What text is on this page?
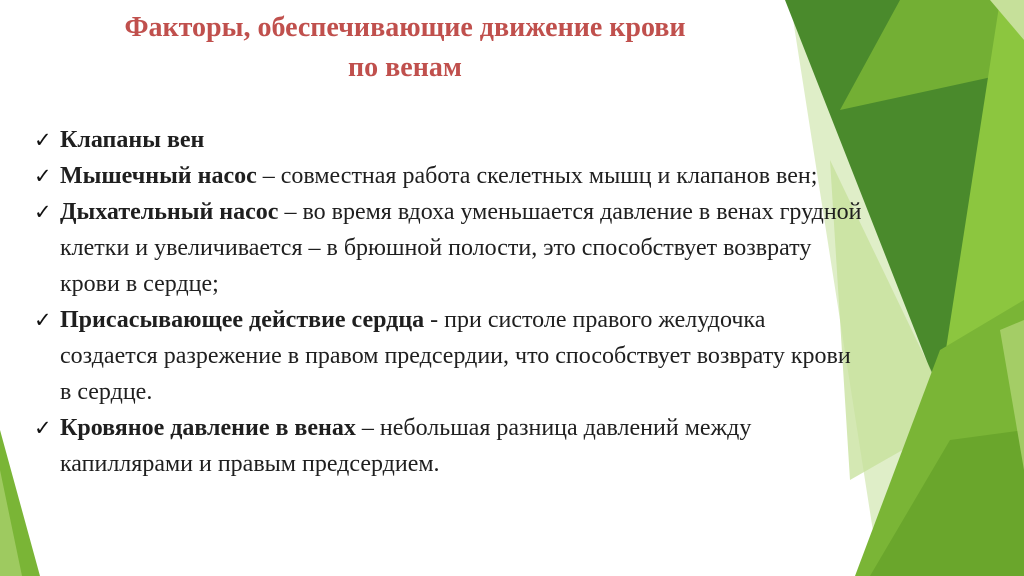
Факторы, обеспечивающие движение крови
по венам
✓ Клапаны вен
✓ Мышечный насос – совместная работа скелетных мышц и клапанов вен;
✓ Дыхательный насос – во время вдоха уменьшается давление в венах грудной клетки и увеличивается – в брюшной полости, это способствует возврату крови в сердце;
✓ Присасывающее действие сердца - при систоле правого желудочка создается разрежение в правом предсердии, что способствует возврату крови в сердце.
✓ Кровяное давление в венах – небольшая разница давлений между капиллярами и правым предсердием.
